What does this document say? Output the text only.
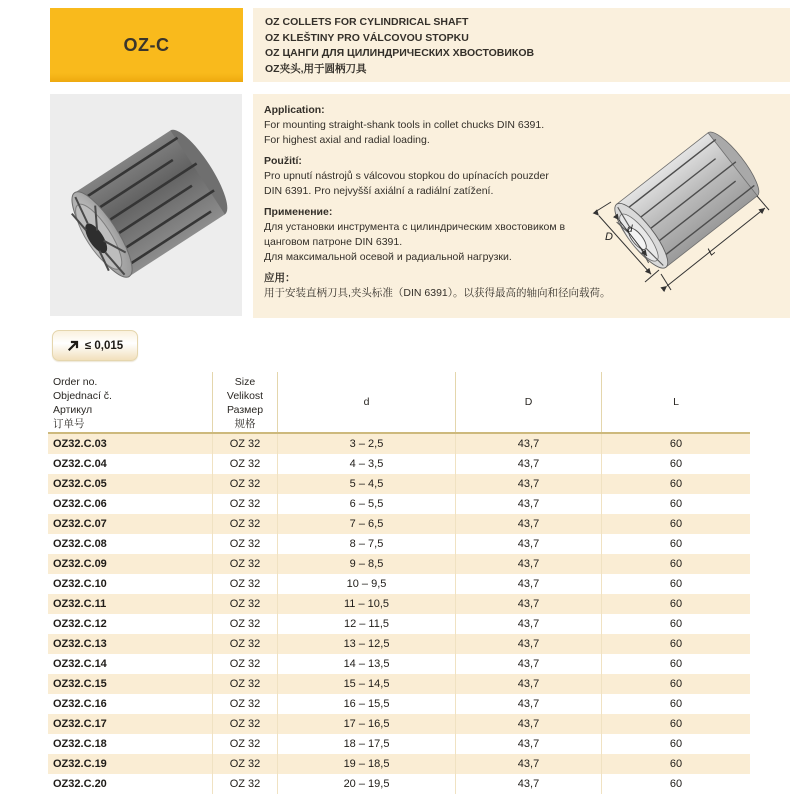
OZ-C
OZ COLLETS FOR CYLINDRICAL SHAFT
OZ KLEŠTINY PRO VÁLCOVOU STOPKU
OZ ЦАНГИ ДЛЯ ЦИЛИНДРИЧЕСКИХ ХВОСТОВИКОВ
OZ夹头,用于圆柄刀具
Application:
For mounting straight-shank tools in collet chucks DIN 6391.
For highest axial and radial loading.
Použití:
Pro upnutí nástrojů s válcovou stopkou do upínacích pouzder
DIN 6391. Pro nejvyšší axiální a radiální zatížení.
Применение:
Для установки инструмента с цилиндрическим хвостовиком в
цанговом патроне DIN 6391.
Для максимальной осевой и радиальной нагрузки.
应用：
用于安装直柄刀具,夹头标准（DIN 6391）。以获得最高的轴向和径向载荷。
D
d
L
≤ 0,015
Order no.
Objednací č.
Артикул
订单号
Size
Velikost
Размер
规格
d	D	L
OZ32.C.03	OZ 32	3 – 2,5	43,7	60
OZ32.C.04	OZ 32	4 – 3,5	43,7	60
OZ32.C.05	OZ 32	5 – 4,5	43,7	60
OZ32.C.06	OZ 32	6 – 5,5	43,7	60
OZ32.C.07	OZ 32	7 – 6,5	43,7	60
OZ32.C.08	OZ 32	8 – 7,5	43,7	60
OZ32.C.09	OZ 32	9 – 8,5	43,7	60
OZ32.C.10	OZ 32	10 – 9,5	43,7	60
OZ32.C.11	OZ 32	11 – 10,5	43,7	60
OZ32.C.12	OZ 32	12 – 11,5	43,7	60
OZ32.C.13	OZ 32	13 – 12,5	43,7	60
OZ32.C.14	OZ 32	14 – 13,5	43,7	60
OZ32.C.15	OZ 32	15 – 14,5	43,7	60
OZ32.C.16	OZ 32	16 – 15,5	43,7	60
OZ32.C.17	OZ 32	17 – 16,5	43,7	60
OZ32.C.18	OZ 32	18 – 17,5	43,7	60
OZ32.C.19	OZ 32	19 – 18,5	43,7	60
OZ32.C.20	OZ 32	20 – 19,5	43,7	60
